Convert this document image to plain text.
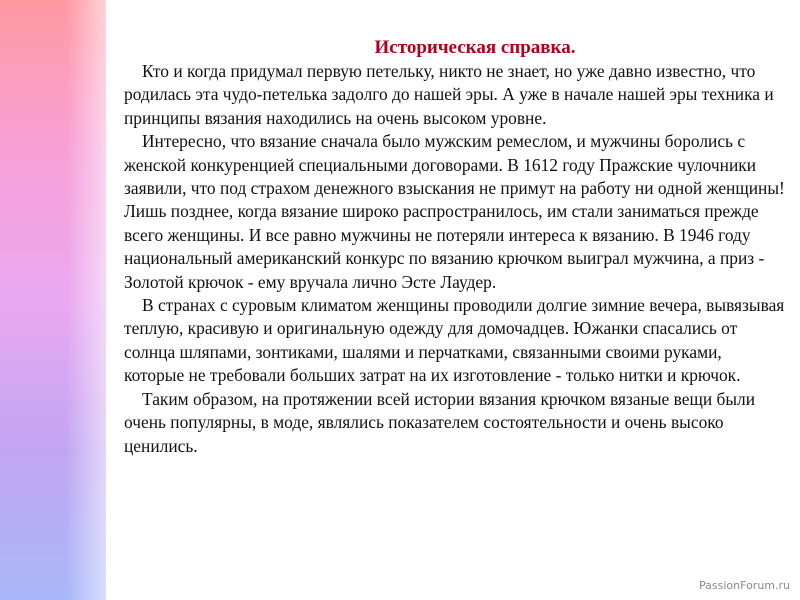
Историческая справка.

Кто и когда придумал первую петельку, никто не знает, но уже давно известно, что родилась эта чудо-петелька задолго до нашей эры. А уже в начале нашей эры техника и принципы вязания находились на очень высоком уровне.

Интересно, что вязание сначала было мужским ремеслом, и мужчины боролись с женской конкуренцией специальными договорами. В 1612 году Пражские чулочники заявили, что под страхом денежного взыскания не примут на работу ни одной женщины! Лишь позднее, когда вязание широко распространилось, им стали заниматься прежде всего женщины. И все равно мужчины не потеряли интереса к вязанию. В 1946 году национальный американский конкурс по вязанию крючком выиграл мужчина, а приз - Золотой крючок - ему вручала лично Эсте Лаудер.

В странах с суровым климатом женщины проводили долгие зимние вечера, вывязывая теплую, красивую и оригинальную одежду для домочадцев. Южанки спасались от солнца шляпами, зонтиками, шалями и перчатками, связанными своими руками, которые не требовали больших затрат на их изготовление - только нитки и крючок.

Таким образом, на протяжении всей истории вязания крючком вязаные вещи были очень популярны, в моде, являлись показателем состоятельности и очень высоко ценились.

PassionForum.ru
